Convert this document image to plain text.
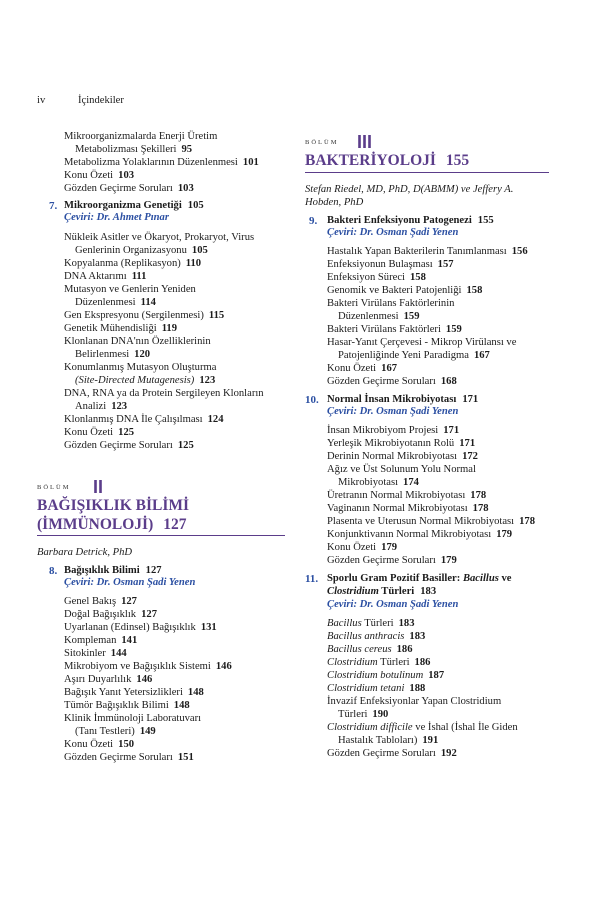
iv	İçindekiler
Mikroorganizmalarda Enerji Üretim
Metabolizması Şekilleri 95
Metabolizma Yolaklarının Düzenlenmesi 101
Konu Özeti 103
Gözden Geçirme Soruları 103
7. Mikroorganizma Genetiği 105
Çeviri: Dr. Ahmet Pınar
Nükleik Asitler ve Ökaryot, Prokaryot, Virus
Genlerinin Organizasyonu 105
Kopyalanma (Replikasyon) 110
DNA Aktarımı 111
Mutasyon ve Genlerin Yeniden
Düzenlenmesi 114
Gen Ekspresyonu (Sergilenmesi) 115
Genetik Mühendisliği 119
Klonlanan DNA'nın Özelliklerinin
Belirlenmesi 120
Konumlanmış Mutasyon Oluşturma
(Site-Directed Mutagenesis) 123
DNA, RNA ya da Protein Sergileyen Klonların
Analizi 123
Klonlanmış DNA İle Çalışılması 124
Konu Özeti 125
Gözden Geçirme Soruları 125
BÖLÜM II
BAĞIŞIKLIK BİLİMİ
(İMMÜNOLOJİ) 127
Barbara Detrick, PhD
8. Bağışıklık Bilimi 127
Çeviri: Dr. Osman Şadi Yenen
Genel Bakış 127
Doğal Bağışıklık 127
Uyarlanan (Edinsel) Bağışıklık 131
Kompleman 141
Sitokinler 144
Mikrobiyom ve Bağışıklık Sistemi 146
Aşırı Duyarlılık 146
Bağışık Yanıt Yetersizlikleri 148
Tümör Bağışıklık Bilimi 148
Klinik İmmünoloji Laboratuvarı
(Tanı Testleri) 149
Konu Özeti 150
Gözden Geçirme Soruları 151
BÖLÜM III
BAKTERİYOLOJİ 155
Stefan Riedel, MD, PhD, D(ABMM) ve Jeffery A.
Hobden, PhD
9. Bakteri Enfeksiyonu Patogenezi 155
Çeviri: Dr. Osman Şadi Yenen
Hastalık Yapan Bakterilerin Tanımlanması 156
Enfeksiyonun Bulaşması 157
Enfeksiyon Süreci 158
Genomik ve Bakteri Patojenliği 158
Bakteri Virülans Faktörlerinin
Düzenlenmesi 159
Bakteri Virülans Faktörleri 159
Hasar-Yanıt Çerçevesi - Mikrop Virülansı ve
Patojenliğinde Yeni Paradigma 167
Konu Özeti 167
Gözden Geçirme Soruları 168
10. Normal İnsan Mikrobiyotası 171
Çeviri: Dr. Osman Şadi Yenen
İnsan Mikrobiyom Projesi 171
Yerleşik Mikrobiyotanın Rolü 171
Derinin Normal Mikrobiyotası 172
Ağız ve Üst Solunum Yolu Normal
Mikrobiyotası 174
Üretranın Normal Mikrobiyotası 178
Vaginanın Normal Mikrobiyotası 178
Plasenta ve Uterusun Normal Mikrobiyotası 178
Konjunktivanın Normal Mikrobiyotası 179
Konu Özeti 179
Gözden Geçirme Soruları 179
11. Sporlu Gram Pozitif Basiller: Bacillus ve
Clostridium Türleri 183
Çeviri: Dr. Osman Şadi Yenen
Bacillus Türleri 183
Bacillus anthracis 183
Bacillus cereus 186
Clostridium Türleri 186
Clostridium botulinum 187
Clostridium tetani 188
İnvazif Enfeksiyonlar Yapan Clostridium
Türleri 190
Clostridium difficile ve İshal (İshal İle Giden
Hastalık Tabloları) 191
Gözden Geçirme Soruları 192
